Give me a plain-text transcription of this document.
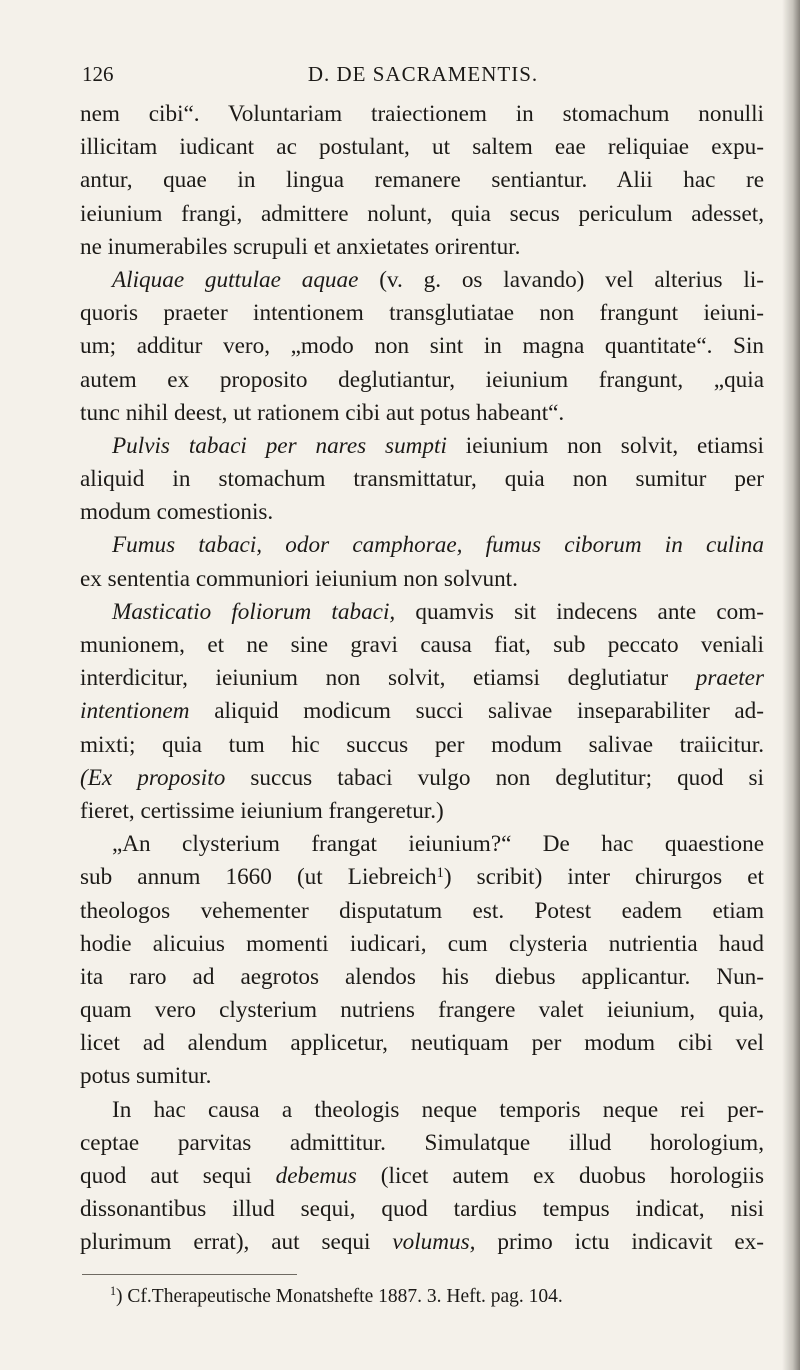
126	D. DE SACRAMENTIS.
nem cibi“. Voluntariam traiectionem in stomachum nonulli
illicitam iudicant ac postulant, ut saltem eae reliquiae expu-
antur, quae in lingua remanere sentiantur. Alii hac re
ieiunium frangi, admittere nolunt, quia secus periculum adesset,
ne inumerabiles scrupuli et anxietates orirentur.
Aliquae guttulae aquae (v. g. os lavando) vel alterius li-
quoris praeter intentionem transglutiatae non frangunt ieiuni-
um; additur vero, „modo non sint in magna quantitate“. Sin
autem ex proposito deglutiantur, ieiunium frangunt, „quia
tunc nihil deest, ut rationem cibi aut potus habeant“.
Pulvis tabaci per nares sumpti ieiunium non solvit, etiamsi
aliquid in stomachum transmittatur, quia non sumitur per
modum comestionis.
Fumus tabaci, odor camphorae, fumus ciborum in culina
ex sententia communiori ieiunium non solvunt.
Masticatio foliorum tabaci, quamvis sit indecens ante com-
munionem, et ne sine gravi causa fiat, sub peccato veniali
interdicitur, ieiunium non solvit, etiamsi deglutiatur praeter
intentionem aliquid modicum succi salivae inseparabiliter ad-
mixti; quia tum hic succus per modum salivae traiicitur.
(Ex proposito succus tabaci vulgo non deglutitur; quod si
fieret, certissime ieiunium frangeretur.)
„An clysterium frangat ieiunium?“ De hac quaestione
sub annum 1660 (ut Liebreich$^1$) scribit) inter chirurgos et
theologos vehementer disputatum est. Potest eadem etiam
hodie alicuius momenti iudicari, cum clysteria nutrientia haud
ita raro ad aegrotos alendos his diebus applicantur. Nun-
quam vero clysterium nutriens frangere valet ieiunium, quia,
licet ad alendum applicetur, neutiquam per modum cibi vel
potus sumitur.
In hac causa a theologis neque temporis neque rei per-
ceptae parvitas admittitur. Simulatque illud horologium,
quod aut sequi debemus (licet autem ex duobus horologiis
dissonantibus illud sequi, quod tardius tempus indicat, nisi
plurimum errat), aut sequi volumus, primo ictu indicavit ex-
$^1$) Cf.Therapeutische Monatshefte 1887. 3. Heft. pag. 104.
